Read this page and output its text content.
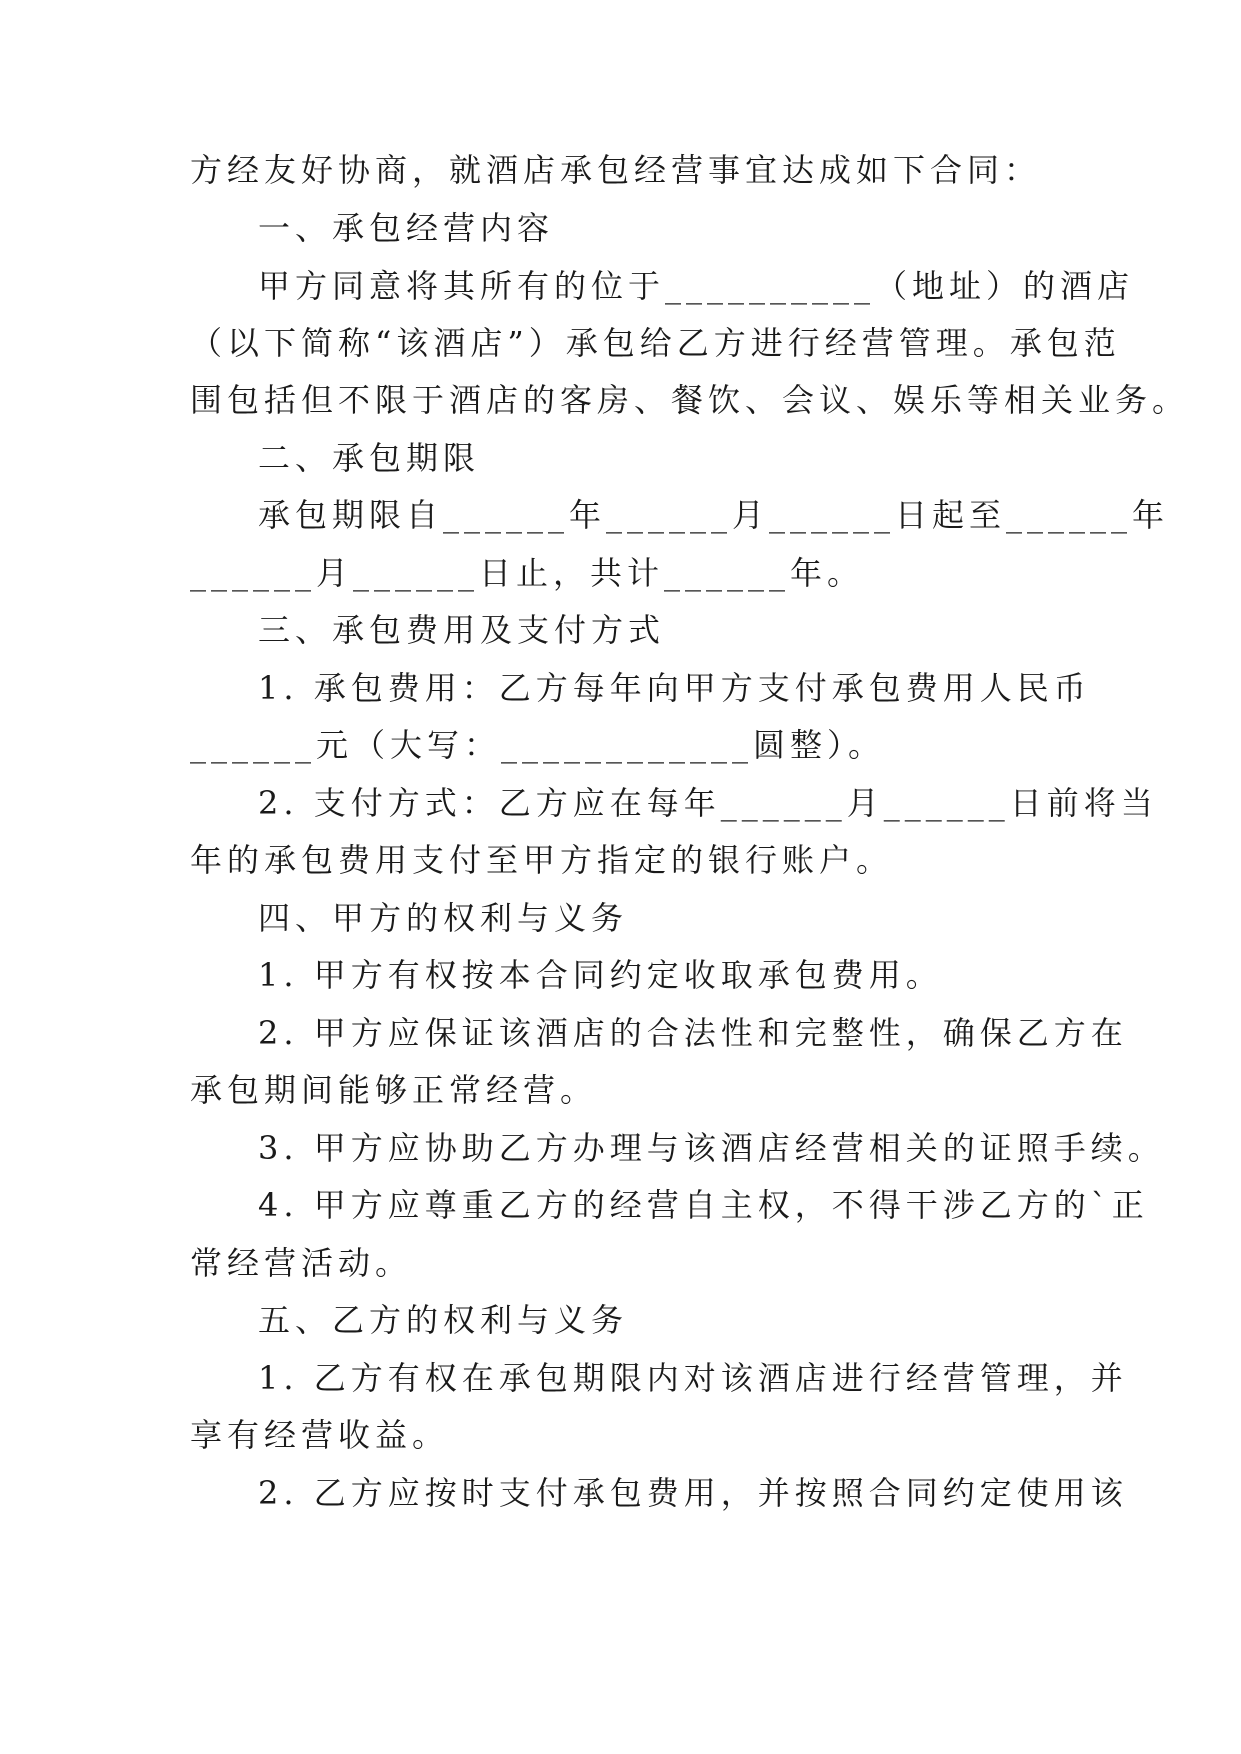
方经友好协商，就酒店承包经营事宜达成如下合同：
一、承包经营内容
甲方同意将其所有的位于__________（地址）的酒店
（以下简称“该酒店”）承包给乙方进行经营管理。承包范
围包括但不限于酒店的客房、餐饮、会议、娱乐等相关业务。
二、承包期限
承包期限自______年______月______日起至______年
______月______日止，共计______年。
三、承包费用及支付方式
1. 承包费用：乙方每年向甲方支付承包费用人民币
______元（大写：____________圆整）。
2. 支付方式：乙方应在每年______月______日前将当
年的承包费用支付至甲方指定的银行账户。
四、甲方的权利与义务
1. 甲方有权按本合同约定收取承包费用。
2. 甲方应保证该酒店的合法性和完整性，确保乙方在
承包期间能够正常经营。
3. 甲方应协助乙方办理与该酒店经营相关的证照手续。
4. 甲方应尊重乙方的经营自主权，不得干涉乙方的`正
常经营活动。
五、乙方的权利与义务
1. 乙方有权在承包期限内对该酒店进行经营管理，并
享有经营收益。
2. 乙方应按时支付承包费用，并按照合同约定使用该
